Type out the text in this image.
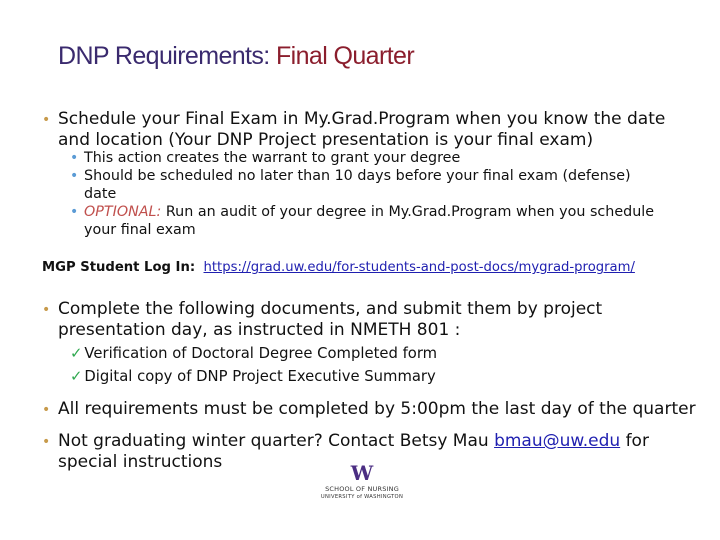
DNP Requirements: Final Quarter
• Schedule your Final Exam in My.Grad.Program when you know the date
and location (Your DNP Project presentation is your final exam)
• This action creates the warrant to grant your degree
• Should be scheduled no later than 10 days before your final exam (defense)
date
• OPTIONAL: Run an audit of your degree in My.Grad.Program when you schedule
your final exam
MGP Student Log In: https://grad.uw.edu/for-students-and-post-docs/mygrad-program/
• Complete the following documents, and submit them by project
presentation day, as instructed in NMETH 801 :
✓ Verification of Doctoral Degree Completed form
✓ Digital copy of DNP Project Executive Summary
• All requirements must be completed by 5:00pm the last day of the quarter
• Not graduating winter quarter? Contact Betsy Mau bmau@uw.edu for
special instructions	W
SCHOOL OF NURSING
UNIVERSITY of WASHINGTON
